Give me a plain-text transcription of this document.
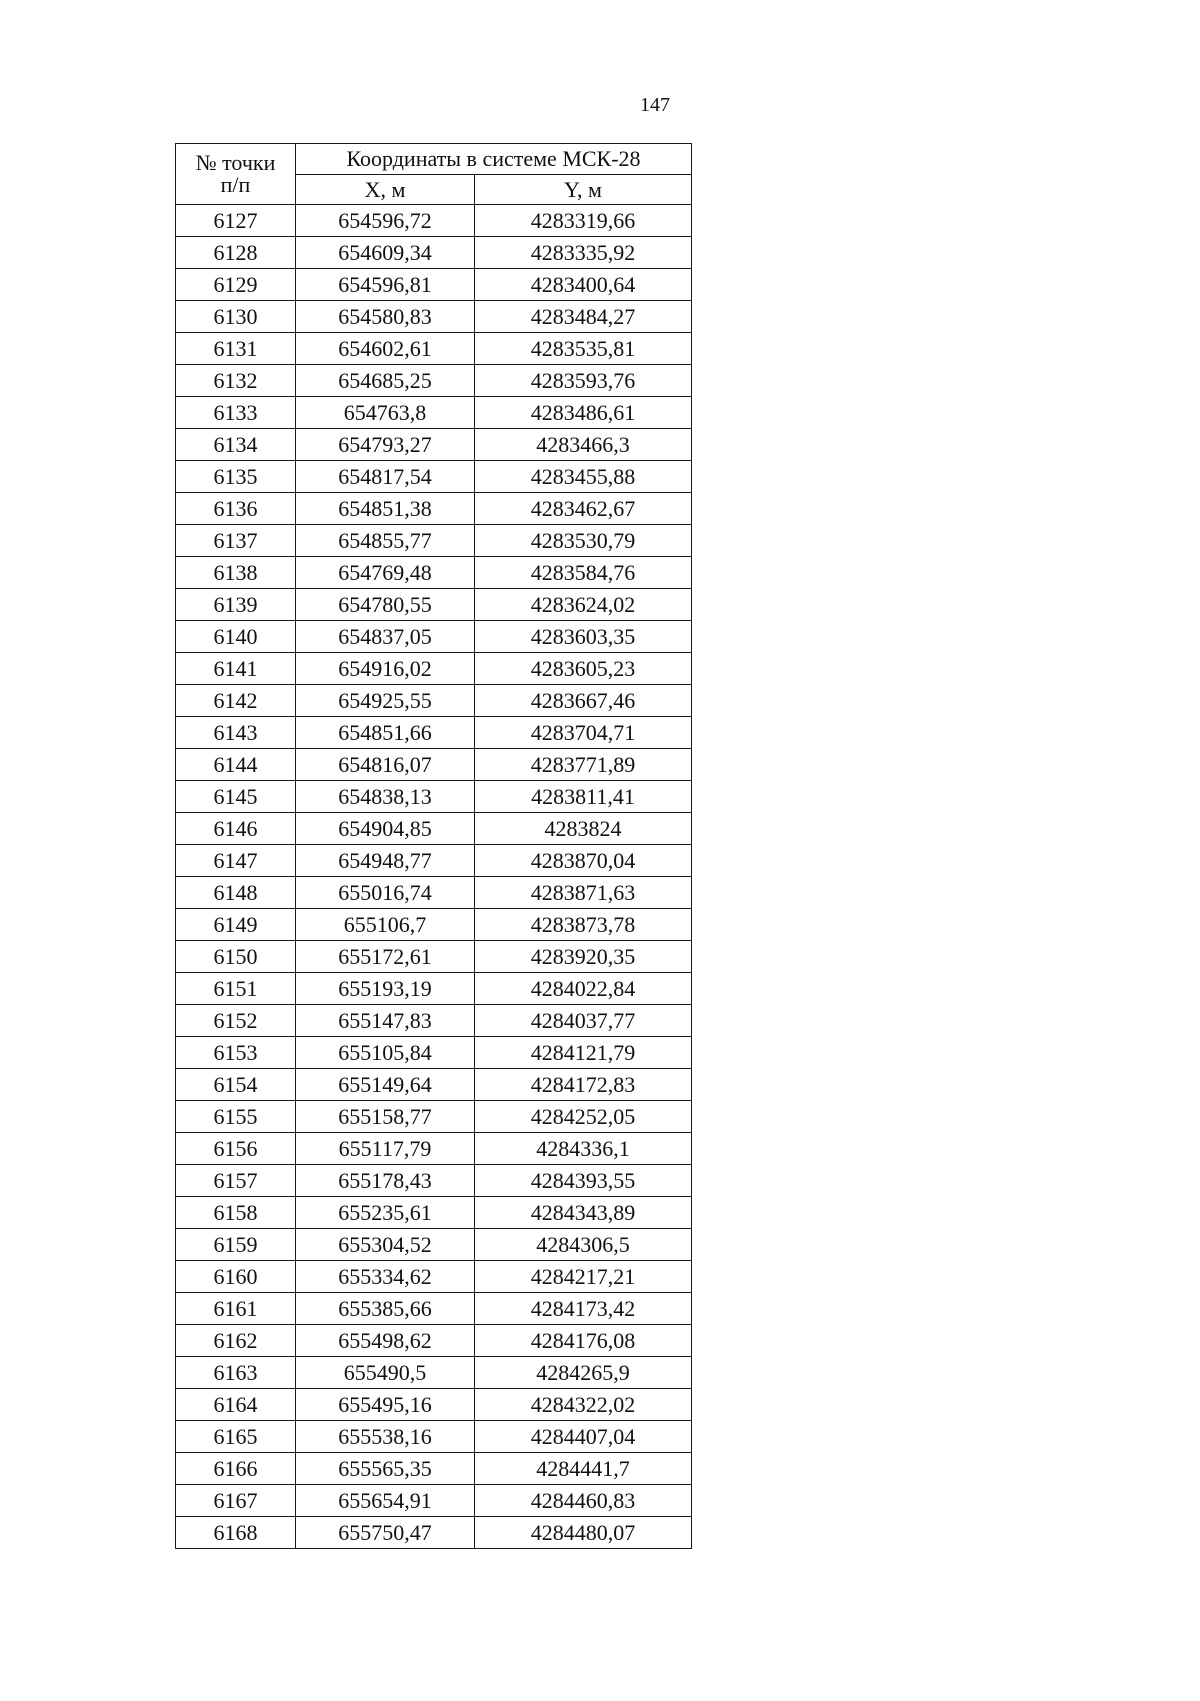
147
№ точки
п/п	Координаты в системе МСК-28	
	X, м	Y, м
6127	654596,72	4283319,66
6128	654609,34	4283335,92
6129	654596,81	4283400,64
6130	654580,83	4283484,27
6131	654602,61	4283535,81
6132	654685,25	4283593,76
6133	654763,8	4283486,61
6134	654793,27	4283466,3
6135	654817,54	4283455,88
6136	654851,38	4283462,67
6137	654855,77	4283530,79
6138	654769,48	4283584,76
6139	654780,55	4283624,02
6140	654837,05	4283603,35
6141	654916,02	4283605,23
6142	654925,55	4283667,46
6143	654851,66	4283704,71
6144	654816,07	4283771,89
6145	654838,13	4283811,41
6146	654904,85	4283824
6147	654948,77	4283870,04
6148	655016,74	4283871,63
6149	655106,7	4283873,78
6150	655172,61	4283920,35
6151	655193,19	4284022,84
6152	655147,83	4284037,77
6153	655105,84	4284121,79
6154	655149,64	4284172,83
6155	655158,77	4284252,05
6156	655117,79	4284336,1
6157	655178,43	4284393,55
6158	655235,61	4284343,89
6159	655304,52	4284306,5
6160	655334,62	4284217,21
6161	655385,66	4284173,42
6162	655498,62	4284176,08
6163	655490,5	4284265,9
6164	655495,16	4284322,02
6165	655538,16	4284407,04
6166	655565,35	4284441,7
6167	655654,91	4284460,83
6168	655750,47	4284480,07
